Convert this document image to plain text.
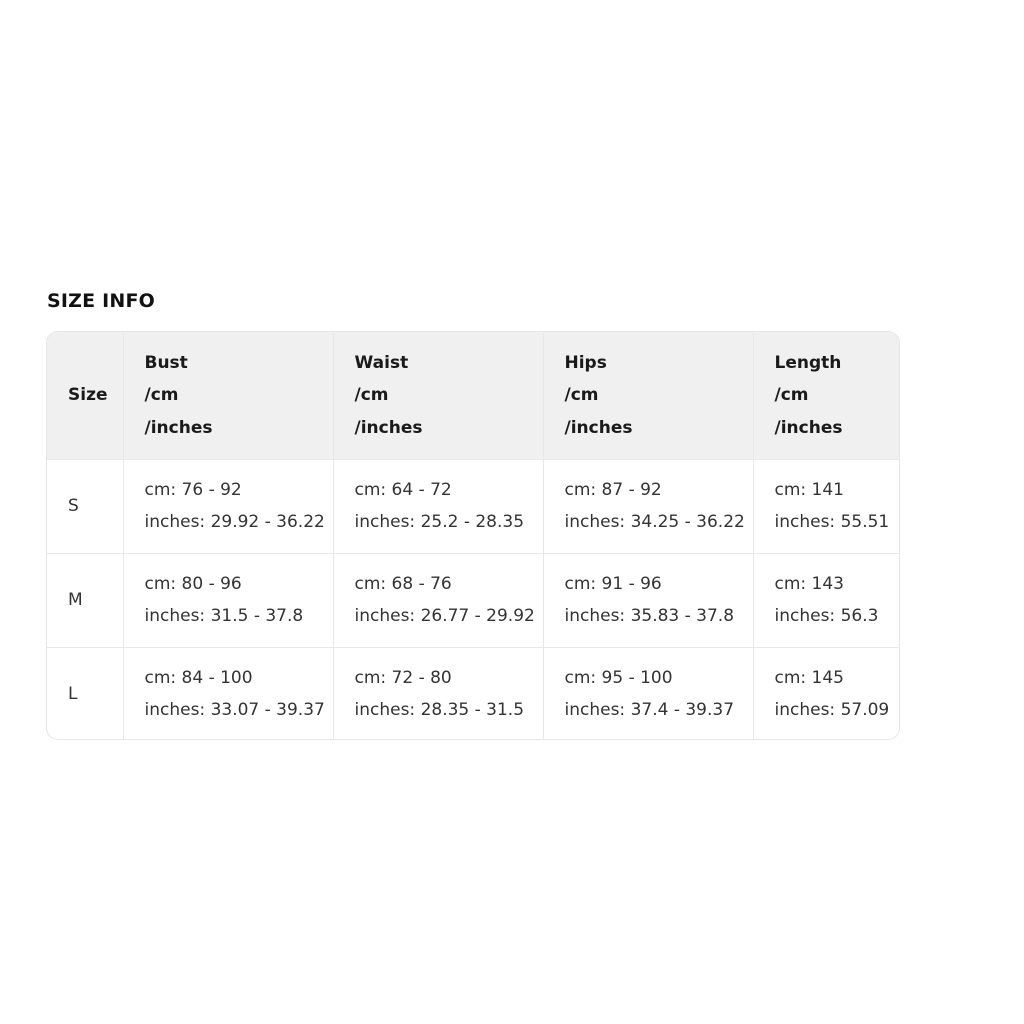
SIZE INFO
Size	Bust
/cm
/inches	Waist
/cm
/inches	Hips
/cm
/inches	Length
/cm
/inches

S	cm: 76 - 92
inches: 29.92 - 36.22	cm: 64 - 72
inches: 25.2 - 28.35	cm: 87 - 92
inches: 34.25 - 36.22	cm: 141
inches: 55.51

M	cm: 80 - 96
inches: 31.5 - 37.8	cm: 68 - 76
inches: 26.77 - 29.92	cm: 91 - 96
inches: 35.83 - 37.8	cm: 143
inches: 56.3

L	cm: 84 - 100
inches: 33.07 - 39.37	cm: 72 - 80
inches: 28.35 - 31.5	cm: 95 - 100
inches: 37.4 - 39.37	cm: 145
inches: 57.09
